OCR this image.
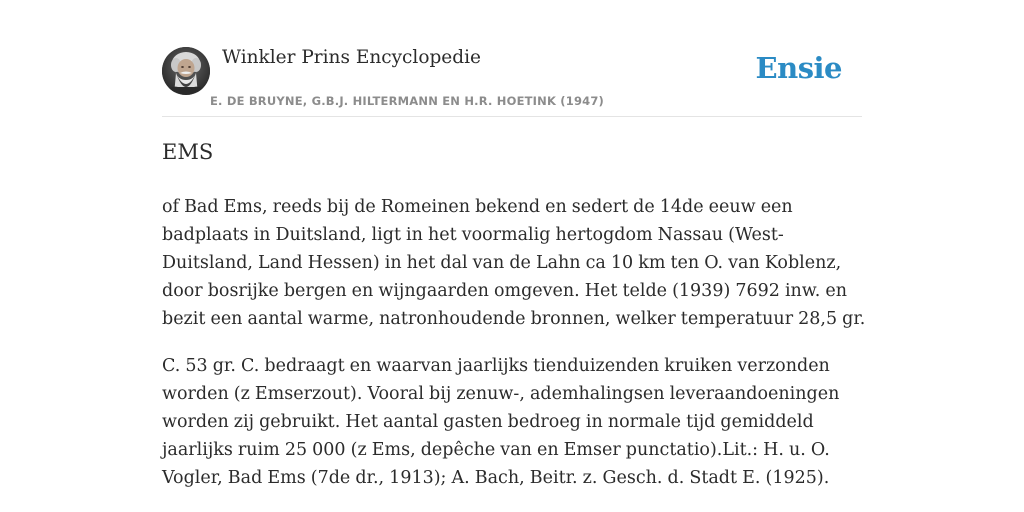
Winkler Prins Encyclopedie
E. DE BRUYNE, G.B.J. HILTERMANN EN H.R. HOETINK (1947)
Ensie
EMS

of Bad Ems, reeds bij de Romeinen bekend en sedert de 14de eeuw een badplaats in Duitsland, ligt in het voormalig hertogdom Nassau (West-Duitsland, Land Hessen) in het dal van de Lahn ca 10 km ten O. van Koblenz, door bosrijke bergen en wijngaarden omgeven. Het telde (1939) 7692 inw. en bezit een aantal warme, natronhoudende bronnen, welker temperatuur 28,5 gr.

C. 53 gr. C. bedraagt en waarvan jaarlijks tienduizenden kruiken verzonden worden (z Emserzout). Vooral bij zenuw-, ademhalingsen leveraandoeningen worden zij gebruikt. Het aantal gasten bedroeg in normale tijd gemiddeld jaarlijks ruim 25 000 (z Ems, depêche van en Emser punctatio).Lit.: H. u. O. Vogler, Bad Ems (7de dr., 1913); A. Bach, Beitr. z. Gesch. d. Stadt E. (1925).
